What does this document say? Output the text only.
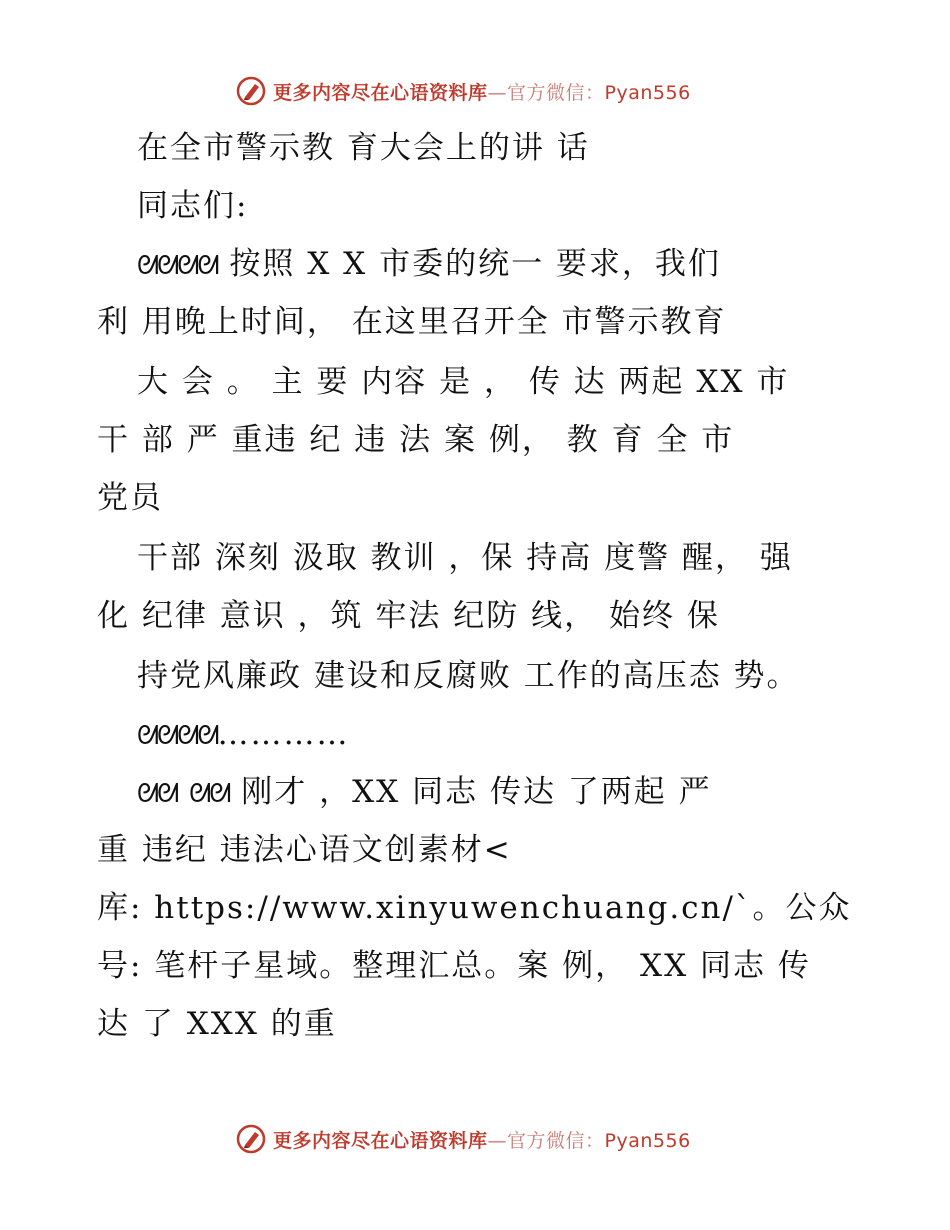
更多内容尽在心语资料库—官方微信：Pyan556
在全市警示教 育大会上的讲 话
同志们:
ᘛᘛᘛᘛ 按照 X X 市委的统一 要求，我们
利 用晚上时间， 在这里召开全 市警示教育
大 会 。 主 要 内容 是 ， 传 达 两起 XX 市
干 部 严 重违 纪 违 法 案 例， 教 育 全 市
党员
干部 深刻 汲取 教训 ，保 持高 度警 醒， 强
化 纪律 意识 ，筑 牢法 纪防 线， 始终 保
持党风廉政 建设和反腐败 工作的高压态 势。
ᘛᘛᘛᘛ…………
ᘛᘛ ᘛᘛ 刚才 ，XX 同志 传达 了两起 严
重 违纪 违法心语文创素材<
库: https://www.xinyuwenchuang.cn/`。公众
号: 笔杆子星域。整理汇总。案 例， XX 同志 传
达 了 XXX 的重
更多内容尽在心语资料库—官方微信：Pyan556
